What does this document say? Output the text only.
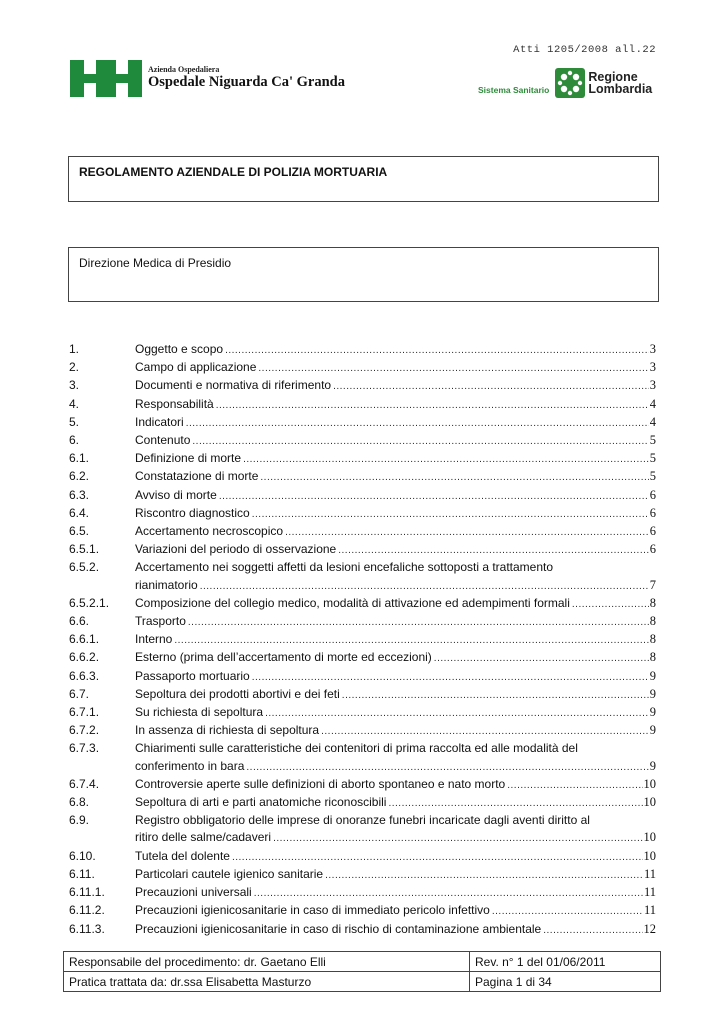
Atti 1205/2008 all.22
Azienda Ospedaliera
Ospedale Niguarda Ca' Granda
Sistema Sanitario
Regione
Lombardia
REGOLAMENTO AZIENDALE DI POLIZIA MORTUARIA
Direzione Medica di Presidio
1.	Oggetto e scopo .....	3
2.	Campo di applicazione .....	3
3.	Documenti e normativa di riferimento .....	3
4.	Responsabilità .....	4
5.	Indicatori .....	4
6.	Contenuto .....	5
6.1.	Definizione di morte .....	5
6.2.	Constatazione di morte .....	5
6.3.	Avviso di morte .....	6
6.4.	Riscontro diagnostico .....	6
6.5.	Accertamento necroscopico .....	6
6.5.1.	Variazioni del periodo di osservazione .....	6
6.5.2.	Accertamento nei soggetti affetti da lesioni encefaliche sottoposti a trattamento
rianimatorio .....	7
6.5.2.1. Composizione del collegio medico, modalità di attivazione ed adempimenti formali .....	8
6.6.	Trasporto .....	8
6.6.1.	Interno .....	8
6.6.2.	Esterno (prima dell’accertamento di morte ed eccezioni) .....	8
6.6.3.	Passaporto mortuario .....	9
6.7.	Sepoltura dei prodotti abortivi e dei feti .....	9
6.7.1.	Su richiesta di sepoltura .....	9
6.7.2.	In assenza di richiesta di sepoltura .....	9
6.7.3.	Chiarimenti sulle caratteristiche dei contenitori di prima raccolta ed alle modalità del
conferimento in bara .....	9
6.7.4.	Controversie aperte sulle definizioni di aborto spontaneo e nato morto .....	10
6.8.	Sepoltura di arti e parti anatomiche riconoscibili .....	10
6.9.	Registro obbligatorio delle imprese di onoranze funebri incaricate dagli aventi diritto al
ritiro delle salme/cadaveri .....	10
6.10.	Tutela del dolente .....	10
6.11.	Particolari cautele igienico sanitarie .....	11
6.11.1.	Precauzioni universali .....	11
6.11.2.	Precauzioni igienicosanitarie in caso di immediato pericolo infettivo .....	11
6.11.3.	Precauzioni igienicosanitarie in caso di rischio di contaminazione ambientale .....	12
Responsabile del procedimento: dr. Gaetano Elli	Rev. n° 1 del 01/06/2011
Pratica trattata da: dr.ssa Elisabetta Masturzo	Pagina 1 di 34
